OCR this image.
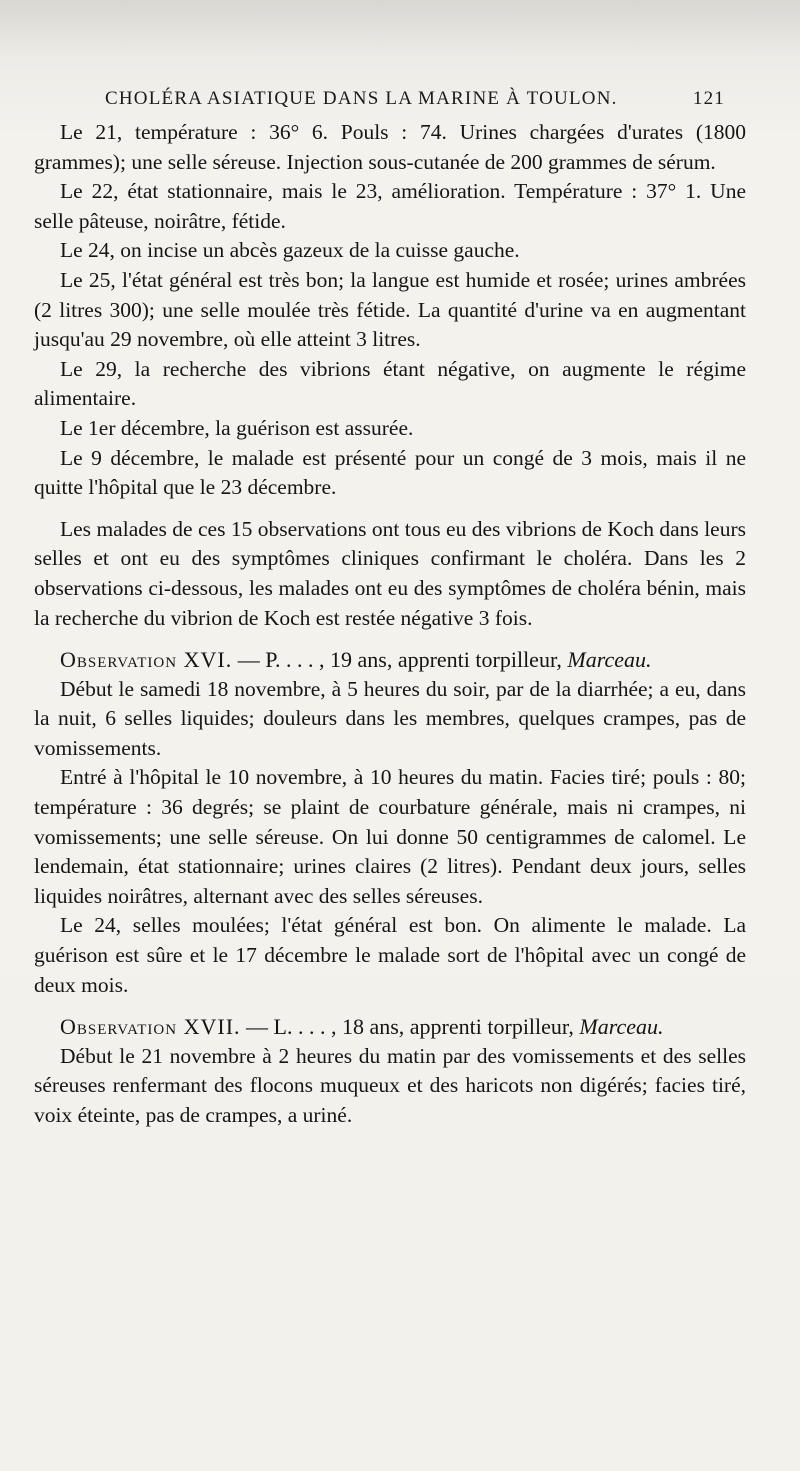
CHOLÉRA ASIATIQUE DANS LA MARINE À TOULON.	121

Le 21, température : 36° 6. Pouls : 74. Urines chargées d'urates (1800 grammes); une selle séreuse. Injection sous-cutanée de 200 grammes de sérum.

Le 22, état stationnaire, mais le 23, amélioration. Température : 37° 1. Une selle pâteuse, noirâtre, fétide.

Le 24, on incise un abcès gazeux de la cuisse gauche.

Le 25, l'état général est très bon; la langue est humide et rosée; urines ambrées (2 litres 300); une selle moulée très fétide. La quantité d'urine va en augmentant jusqu'au 29 novembre, où elle atteint 3 litres.

Le 29, la recherche des vibrions étant négative, on augmente le régime alimentaire.

Le 1er décembre, la guérison est assurée.

Le 9 décembre, le malade est présenté pour un congé de 3 mois, mais il ne quitte l'hôpital que le 23 décembre.

Les malades de ces 15 observations ont tous eu des vibrions de Koch dans leurs selles et ont eu des symptômes cliniques confirmant le choléra. Dans les 2 observations ci-dessous, les malades ont eu des symptômes de choléra bénin, mais la recherche du vibrion de Koch est restée négative 3 fois.

Observation XVI. — P. . . . , 19 ans, apprenti torpilleur, Marceau.

Début le samedi 18 novembre, à 5 heures du soir, par de la diarrhée; a eu, dans la nuit, 6 selles liquides; douleurs dans les membres, quelques crampes, pas de vomissements.

Entré à l'hôpital le 10 novembre, à 10 heures du matin. Facies tiré; pouls : 80; température : 36 degrés; se plaint de courbature générale, mais ni crampes, ni vomissements; une selle séreuse. On lui donne 50 centigrammes de calomel. Le lendemain, état stationnaire; urines claires (2 litres). Pendant deux jours, selles liquides noirâtres, alternant avec des selles séreuses.

Le 24, selles moulées; l'état général est bon. On alimente le malade. La guérison est sûre et le 17 décembre le malade sort de l'hôpital avec un congé de deux mois.

Observation XVII. — L. . . . , 18 ans, apprenti torpilleur, Marceau.

Début le 21 novembre à 2 heures du matin par des vomissements et des selles séreuses renfermant des flocons muqueux et des haricots non digérés; facies tiré, voix éteinte, pas de crampes, a uriné.
